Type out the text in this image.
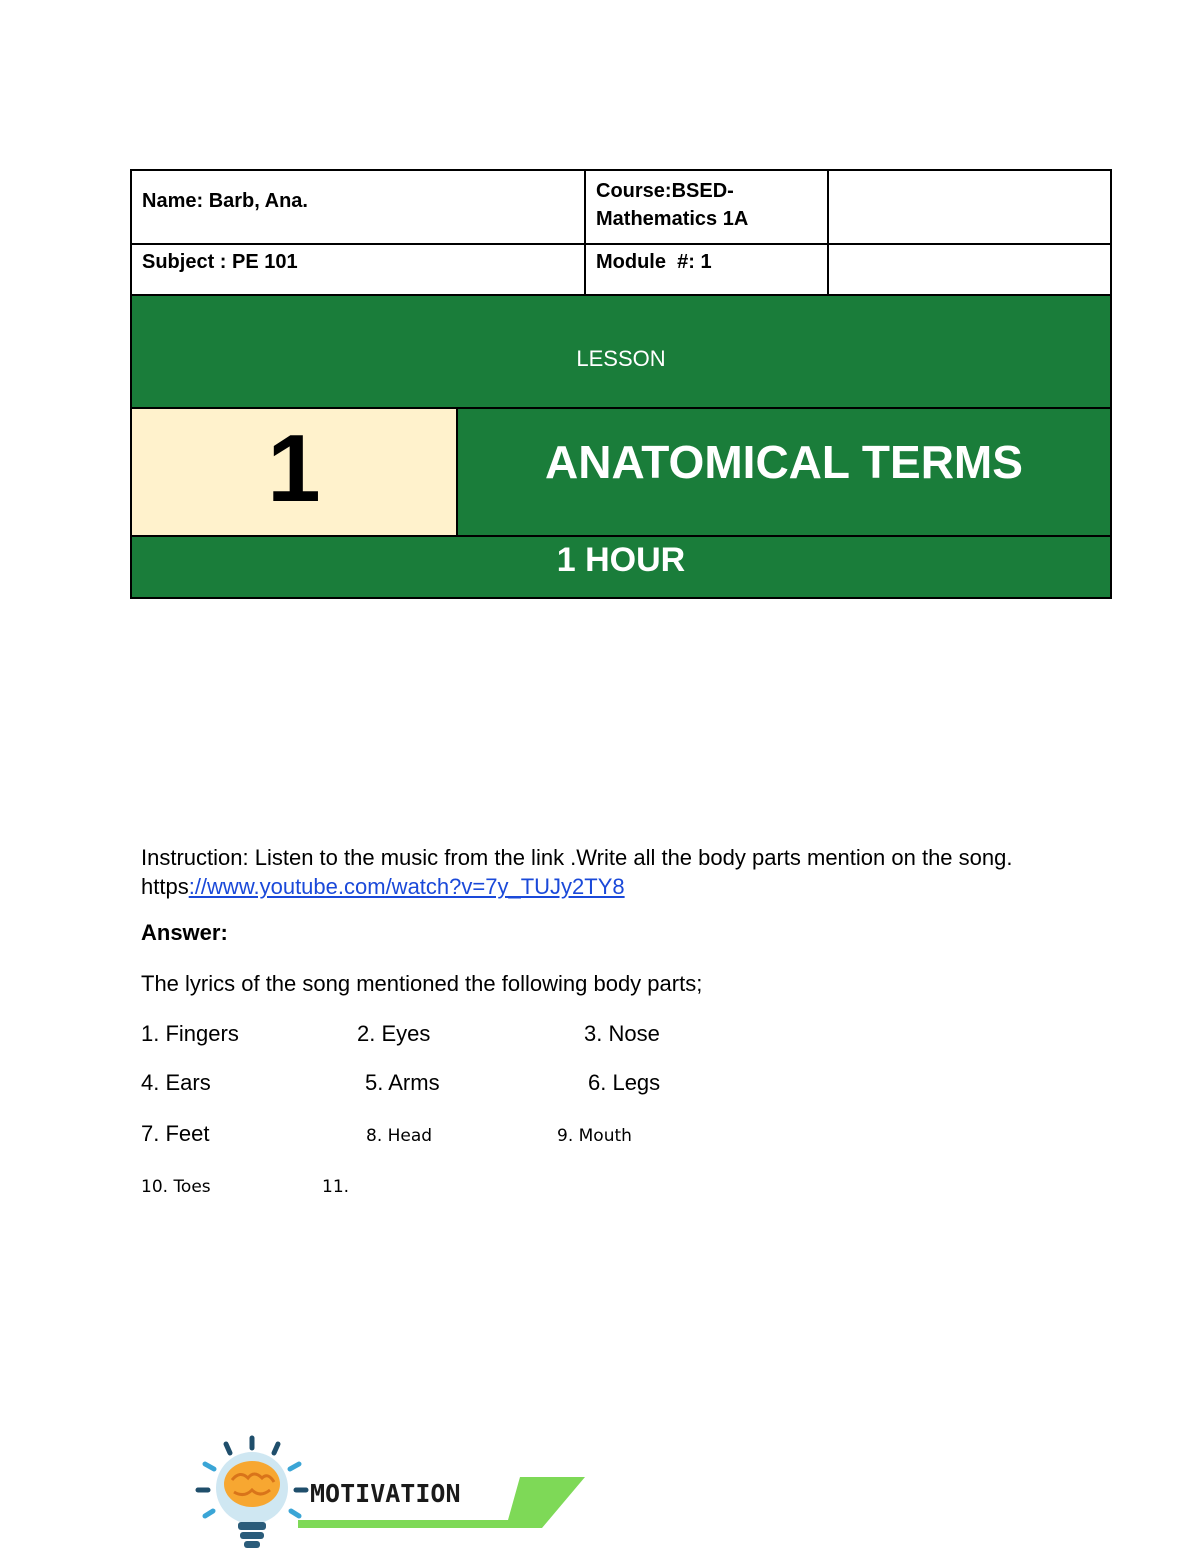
Name: Barb, Ana.	Course:BSED-
Mathematics 1A
Subject : PE 101	Module  #: 1
LESSON
1	ANATOMICAL TERMS
1 HOUR
Instruction: Listen to the music from the link .Write all the body parts mention on the song. https://www.youtube.com/watch?v=7y_TUJy2TY8
Answer:
The lyrics of the song mentioned the following body parts;
1. Fingers	2. Eyes	3. Nose
4. Ears	5. Arms	6. Legs
7. Feet	8. Head	9. Mouth
10. Toes	11.
MOTIVATION
